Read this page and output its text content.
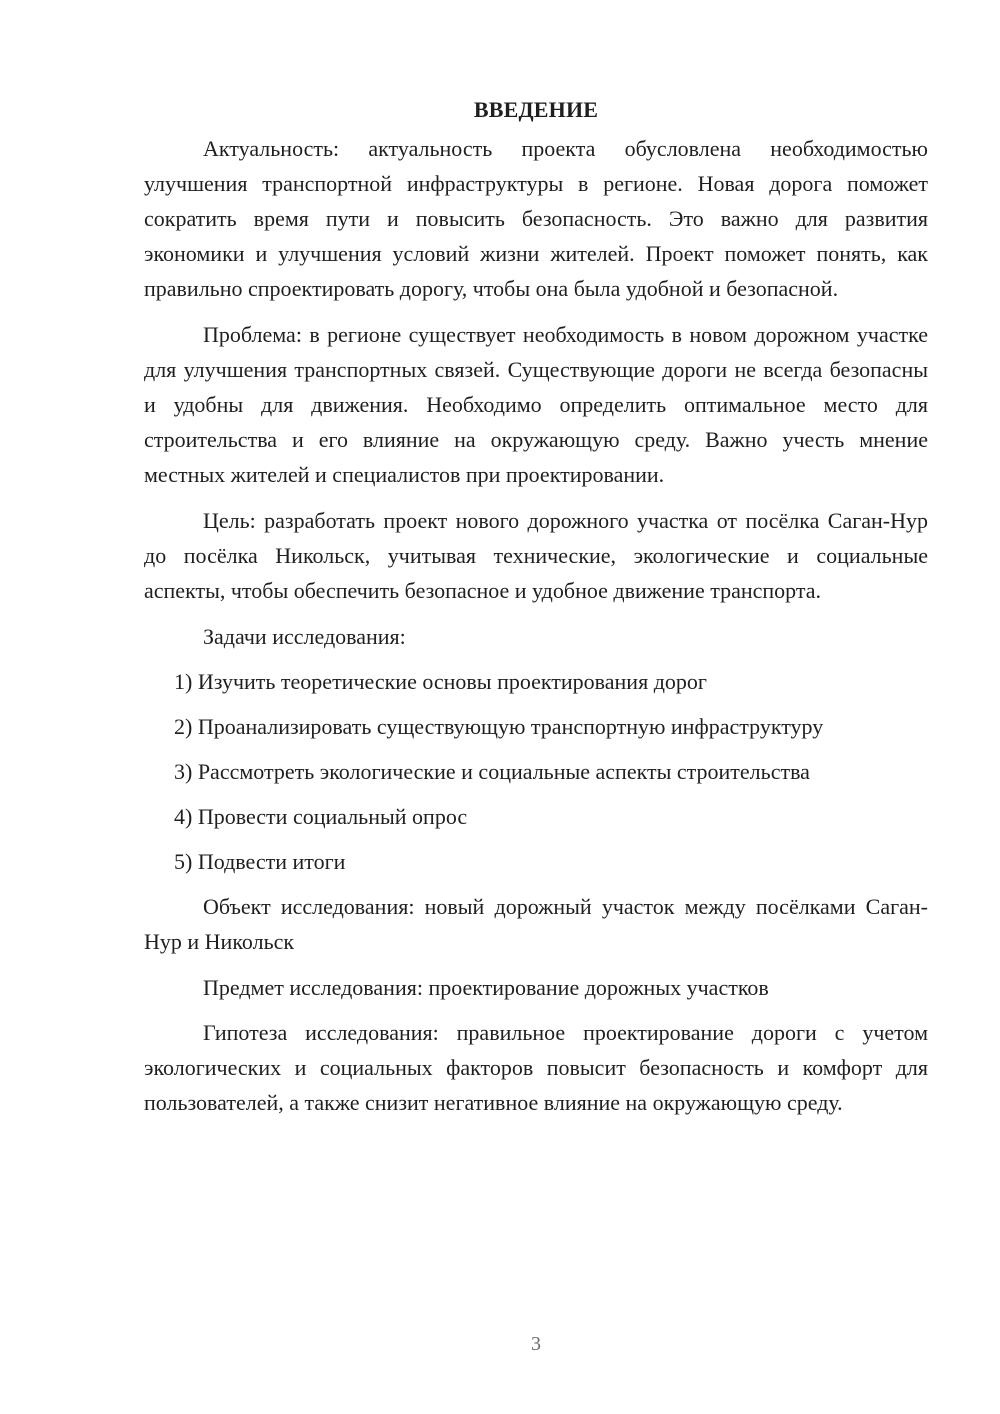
ВВЕДЕНИЕ

Актуальность: актуальность проекта обусловлена необходимостью улучшения транспортной инфраструктуры в регионе. Новая дорога поможет сократить время пути и повысить безопасность. Это важно для развития экономики и улучшения условий жизни жителей. Проект поможет понять, как правильно спроектировать дорогу, чтобы она была удобной и безопасной.

Проблема: в регионе существует необходимость в новом дорожном участке для улучшения транспортных связей. Существующие дороги не всегда безопасны и удобны для движения. Необходимо определить оптимальное место для строительства и его влияние на окружающую среду. Важно учесть мнение местных жителей и специалистов при проектировании.

Цель: разработать проект нового дорожного участка от посёлка Саган-Нур до посёлка Никольск, учитывая технические, экологические и социальные аспекты, чтобы обеспечить безопасное и удобное движение транспорта.

Задачи исследования:

1) Изучить теоретические основы проектирования дорог
2) Проанализировать существующую транспортную инфраструктуру
3) Рассмотреть экологические и социальные аспекты строительства
4) Провести социальный опрос
5) Подвести итоги

Объект исследования: новый дорожный участок между посёлками Саган-Нур и Никольск

Предмет исследования: проектирование дорожных участков

Гипотеза исследования: правильное проектирование дороги с учетом экологических и социальных факторов повысит безопасность и комфорт для пользователей, а также снизит негативное влияние на окружающую среду.

3
